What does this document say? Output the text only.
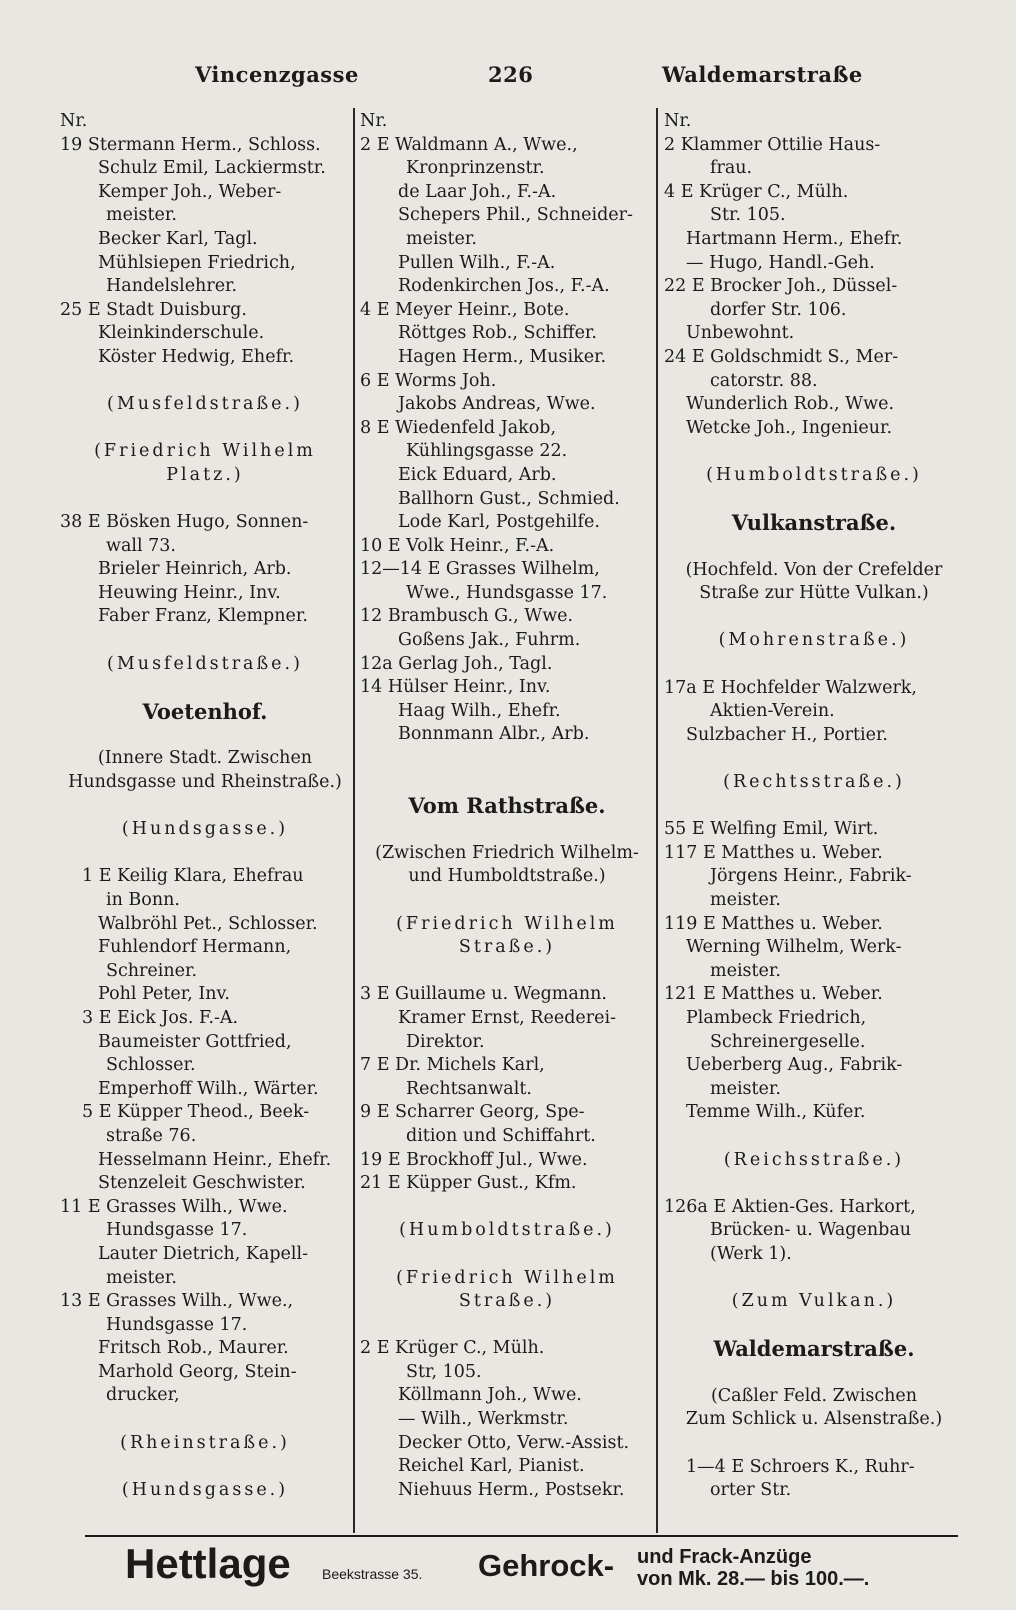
Vincenzgasse	226	Waldemarstraße
Nr.
19 Stermann Herm., Schloss.
Schulz Emil, Lackiermstr.
Kemper Joh., Weber-
meister.
Becker Karl, Tagl.
Mühlsiepen Friedrich,
Handelslehrer.
25 E Stadt Duisburg.
Kleinkinderschule.
Köster Hedwig, Ehefr.
(Musfeldstraße.)
(Friedrich Wilhelm
Platz.)
38 E Bösken Hugo, Sonnen-
wall 73.
Brieler Heinrich, Arb.
Heuwing Heinr., Inv.
Faber Franz, Klempner.
(Musfeldstraße.)
Voetenhof.
(Innere Stadt. Zwischen
Hundsgasse und Rheinstraße.)
(Hundsgasse.)
1 E Keilig Klara, Ehefrau
in Bonn.
Walbröhl Pet., Schlosser.
Fuhlendorf Hermann,
Schreiner.
Pohl Peter, Inv.
3 E Eick Jos. F.-A.
Baumeister Gottfried,
Schlosser.
Emperhoff Wilh., Wärter.
5 E Küpper Theod., Beek-
straße 76.
Hesselmann Heinr., Ehefr.
Stenzeleit Geschwister.
11 E Grasses Wilh., Wwe.
Hundsgasse 17.
Lauter Dietrich, Kapell-
meister.
13 E Grasses Wilh., Wwe.,
Hundsgasse 17.
Fritsch Rob., Maurer.
Marhold Georg, Stein-
drucker,
(Rheinstraße.)
(Hundsgasse.)
Nr.
2 E Waldmann A., Wwe.,
Kronprinzenstr.
de Laar Joh., F.-A.
Schepers Phil., Schneider-
meister.
Pullen Wilh., F.-A.
Rodenkirchen Jos., F.-A.
4 E Meyer Heinr., Bote.
Röttges Rob., Schiffer.
Hagen Herm., Musiker.
6 E Worms Joh.
Jakobs Andreas, Wwe.
8 E Wiedenfeld Jakob,
Kühlingsgasse 22.
Eick Eduard, Arb.
Ballhorn Gust., Schmied.
Lode Karl, Postgehilfe.
10 E Volk Heinr., F.-A.
12—14 E Grasses Wilhelm,
Wwe., Hundsgasse 17.
12 Brambusch G., Wwe.
Goßens Jak., Fuhrm.
12a Gerlag Joh., Tagl.
14 Hülser Heinr., Inv.
Haag Wilh., Ehefr.
Bonnmann Albr., Arb.
Vom Rathstraße.
(Zwischen Friedrich Wilhelm-
und Humboldtstraße.)
(Friedrich Wilhelm
Straße.)
3 E Guillaume u. Wegmann.
Kramer Ernst, Reederei-
Direktor.
7 E Dr. Michels Karl,
Rechtsanwalt.
9 E Scharrer Georg, Spe-
dition und Schiffahrt.
19 E Brockhoff Jul., Wwe.
21 E Küpper Gust., Kfm.
(Humboldtstraße.)
(Friedrich Wilhelm
Straße.)
2 E Krüger C., Mülh.
Str, 105.
Köllmann Joh., Wwe.
— Wilh., Werkmstr.
Decker Otto, Verw.-Assist.
Reichel Karl, Pianist.
Niehuus Herm., Postsekr.
Nr.
2 Klammer Ottilie Haus-
frau.
4 E Krüger C., Mülh.
Str. 105.
Hartmann Herm., Ehefr.
— Hugo, Handl.-Geh.
22 E Brocker Joh., Düssel-
dorfer Str. 106.
Unbewohnt.
24 E Goldschmidt S., Mer-
catorstr. 88.
Wunderlich Rob., Wwe.
Wetcke Joh., Ingenieur.
(Humboldtstraße.)
Vulkanstraße.
(Hochfeld. Von der Crefelder
Straße zur Hütte Vulkan.)
(Mohrenstraße.)
17a E Hochfelder Walzwerk,
Aktien-Verein.
Sulzbacher H., Portier.
(Rechtsstraße.)
55 E Welfing Emil, Wirt.
117 E Matthes u. Weber.
Jörgens Heinr., Fabrik-
meister.
119 E Matthes u. Weber.
Werning Wilhelm, Werk-
meister.
121 E Matthes u. Weber.
Plambeck Friedrich,
Schreinergeselle.
Ueberberg Aug., Fabrik-
meister.
Temme Wilh., Küfer.
(Reichsstraße.)
126a E Aktien-Ges. Harkort,
Brücken- u. Wagenbau
(Werk 1).
(Zum Vulkan.)
Waldemarstraße.
(Caßler Feld. Zwischen
Zum Schlick u. Alsenstraße.)
1—4 E Schroers K., Ruhr-
orter Str.
Hettlage Beekstrasse 35. Gehrock- und Frack-Anzüge
von Mk. 28.— bis 100.—.
